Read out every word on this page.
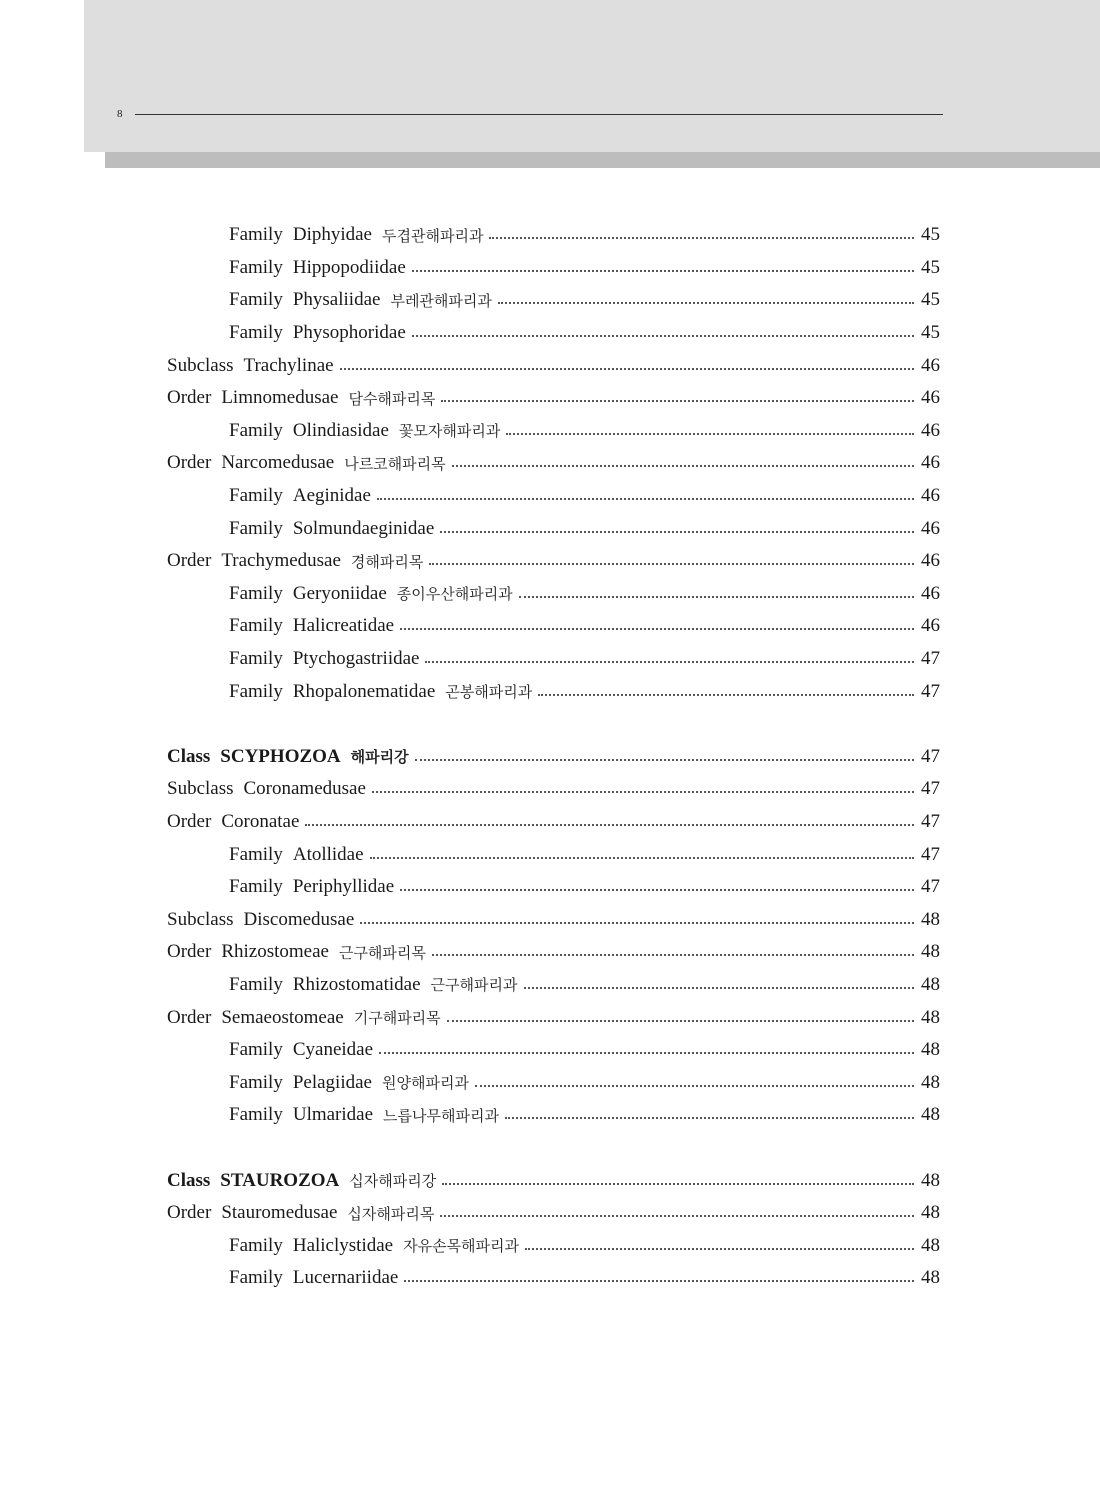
8
Family Diphyidae 두겹관해파리과	45
Family Hippopodiidae	45
Family Physaliidae 부레관해파리과	45
Family Physophoridae	45
Subclass Trachylinae	46
Order Limnomedusae 담수해파리목	46
Family Olindiasidae 꽃모자해파리과	46
Order Narcomedusae 나르코해파리목	46
Family Aeginidae	46
Family Solmundaeginidae	46
Order Trachymedusae 경해파리목	46
Family Geryoniidae 종이우산해파리과	46
Family Halicreatidae	46
Family Ptychogastriidae	47
Family Rhopalonematidae 곤봉해파리과	47
Class SCYPHOZOA 해파리강	47
Subclass Coronamedusae	47
Order Coronatae	47
Family Atollidae	47
Family Periphyllidae	47
Subclass Discomedusae	48
Order Rhizostomeae 근구해파리목	48
Family Rhizostomatidae 근구해파리과	48
Order Semaeostomeae 기구해파리목	48
Family Cyaneidae	48
Family Pelagiidae 원양해파리과	48
Family Ulmaridae 느릅나무해파리과	48
Class STAUROZOA 십자해파리강	48
Order Stauromedusae 십자해파리목	48
Family Haliclystidae 자유손목해파리과	48
Family Lucernariidae	48
